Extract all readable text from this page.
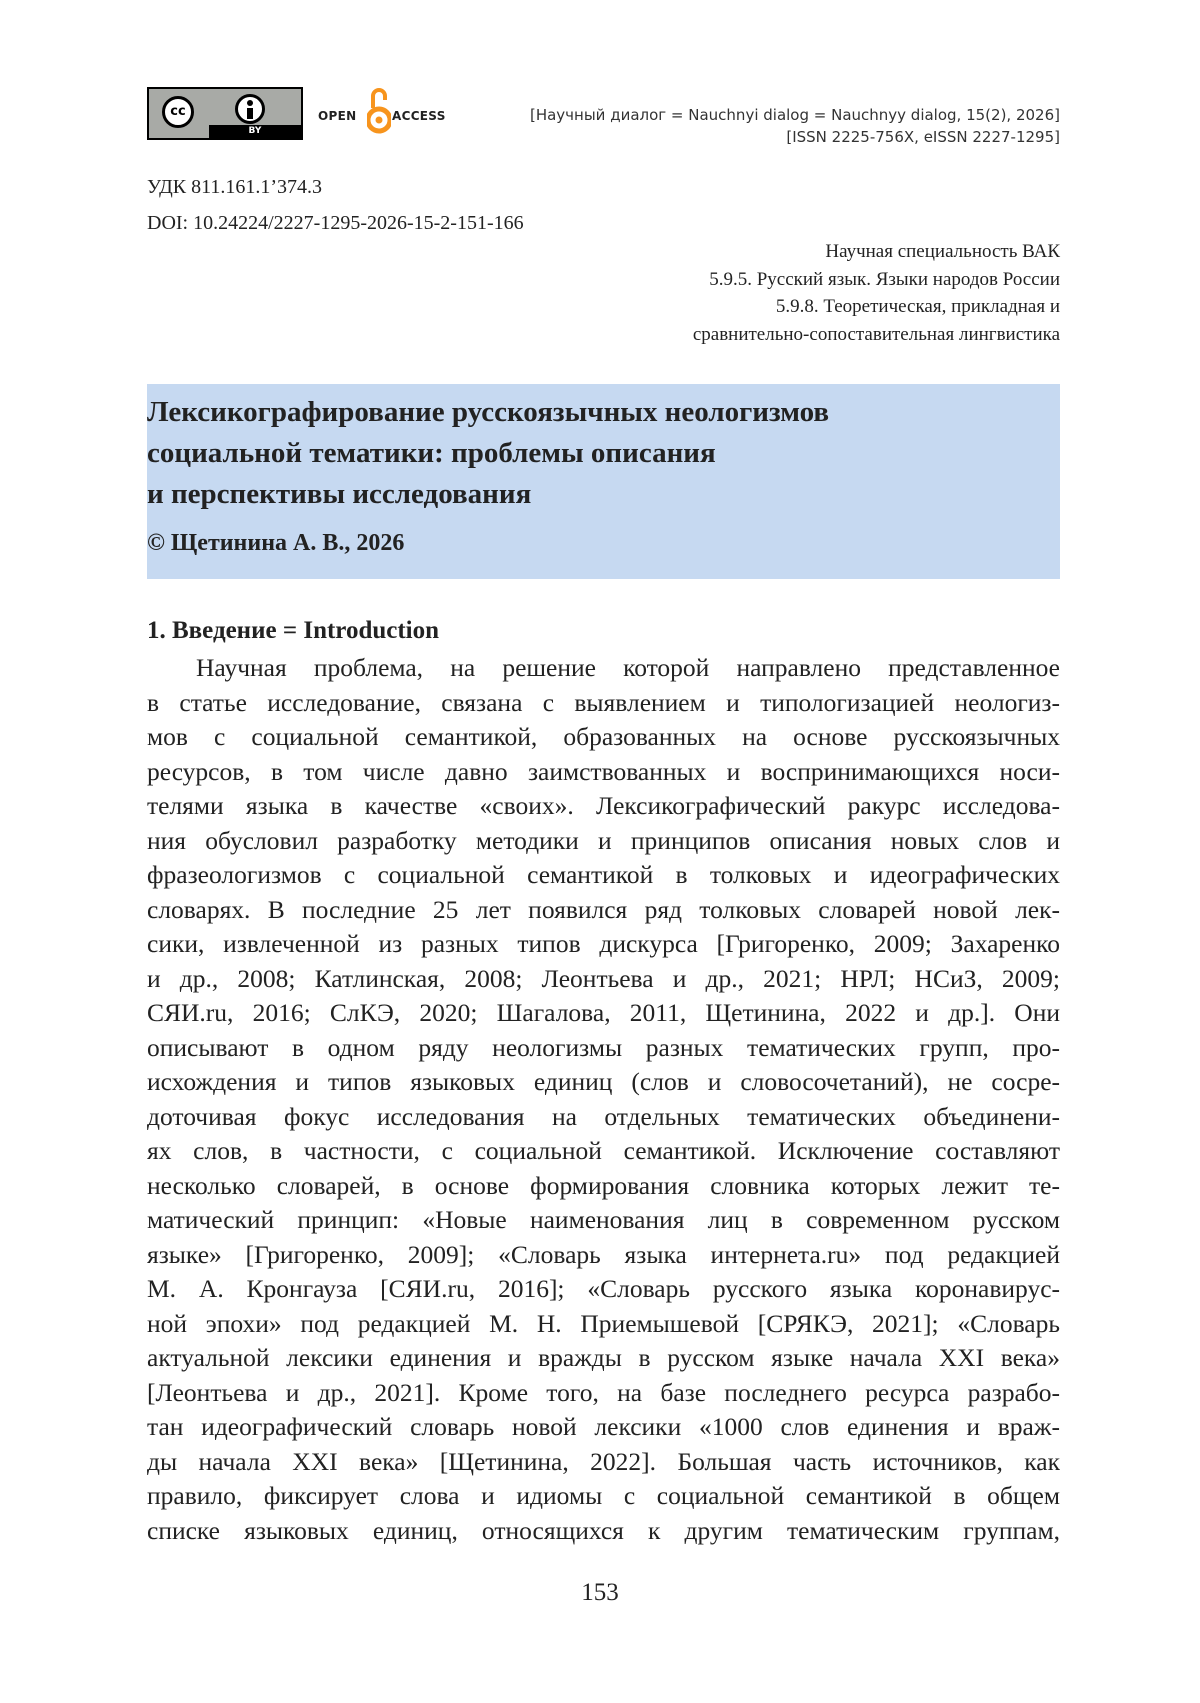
cc
BY
OPEN	ACCESS	[Научный диалог = Nauchnyi dialog = Nauchnyy dialog, 15(2), 2026]
[ISSN 2225-756X, eISSN 2227-1295]
УДК 811.161.1’374.3
DOI: 10.24224/2227-1295-2026-15-2-151-166
Научная специальность ВАК
5.9.5. Русский язык. Языки народов России
5.9.8. Теоретическая, прикладная и
сравнительно-сопоставительная лингвистика
Лексикографирование русскоязычных неологизмов
социальной тематики: проблемы описания
и перспективы исследования
© Щетинина А. В., 2026
1. Введение = Introduction
Научная проблема, на решение которой направлено представленное
в статье исследование, связана с выявлением и типологизацией неологиз-
мов с социальной семантикой, образованных на основе русскоязычных
ресурсов, в том числе давно заимствованных и воспринимающихся носи-
телями языка в качестве «своих». Лексикографический ракурс исследова-
ния обусловил разработку методики и принципов описания новых слов и
фразеологизмов с социальной семантикой в толковых и идеографических
словарях. В последние 25 лет появился ряд толковых словарей новой лек-
сики, извлеченной из разных типов дискурса [Григоренко, 2009; Захаренко
и др., 2008; Катлинская, 2008; Леонтьева и др., 2021; НРЛ; НСиЗ, 2009;
СЯИ.ru, 2016; СлКЭ, 2020; Шагалова, 2011, Щетинина, 2022 и др.]. Они
описывают в одном ряду неологизмы разных тематических групп, про-
исхождения и типов языковых единиц (слов и словосочетаний), не сосре-
доточивая фокус исследования на отдельных тематических объединени-
ях слов, в частности, с социальной семантикой. Исключение составляют
несколько словарей, в основе формирования словника которых лежит те-
матический принцип: «Новые наименования лиц в современном русском
языке» [Григоренко, 2009]; «Словарь языка интернета.ru» под редакцией
М. А. Кронгауза [СЯИ.ru, 2016]; «Словарь русского языка коронавирус-
ной эпохи» под редакцией М. Н. Приемышевой [СРЯКЭ, 2021]; «Словарь
актуальной лексики единения и вражды в русском языке начала XXI века»
[Леонтьева и др., 2021]. Кроме того, на базе последнего ресурса разрабо-
тан идеографический словарь новой лексики «1000 слов единения и враж-
ды начала XXI века» [Щетинина, 2022]. Большая часть источников, как
правило, фиксирует слова и идиомы с социальной семантикой в общем
списке языковых единиц, относящихся к другим тематическим группам,
153
